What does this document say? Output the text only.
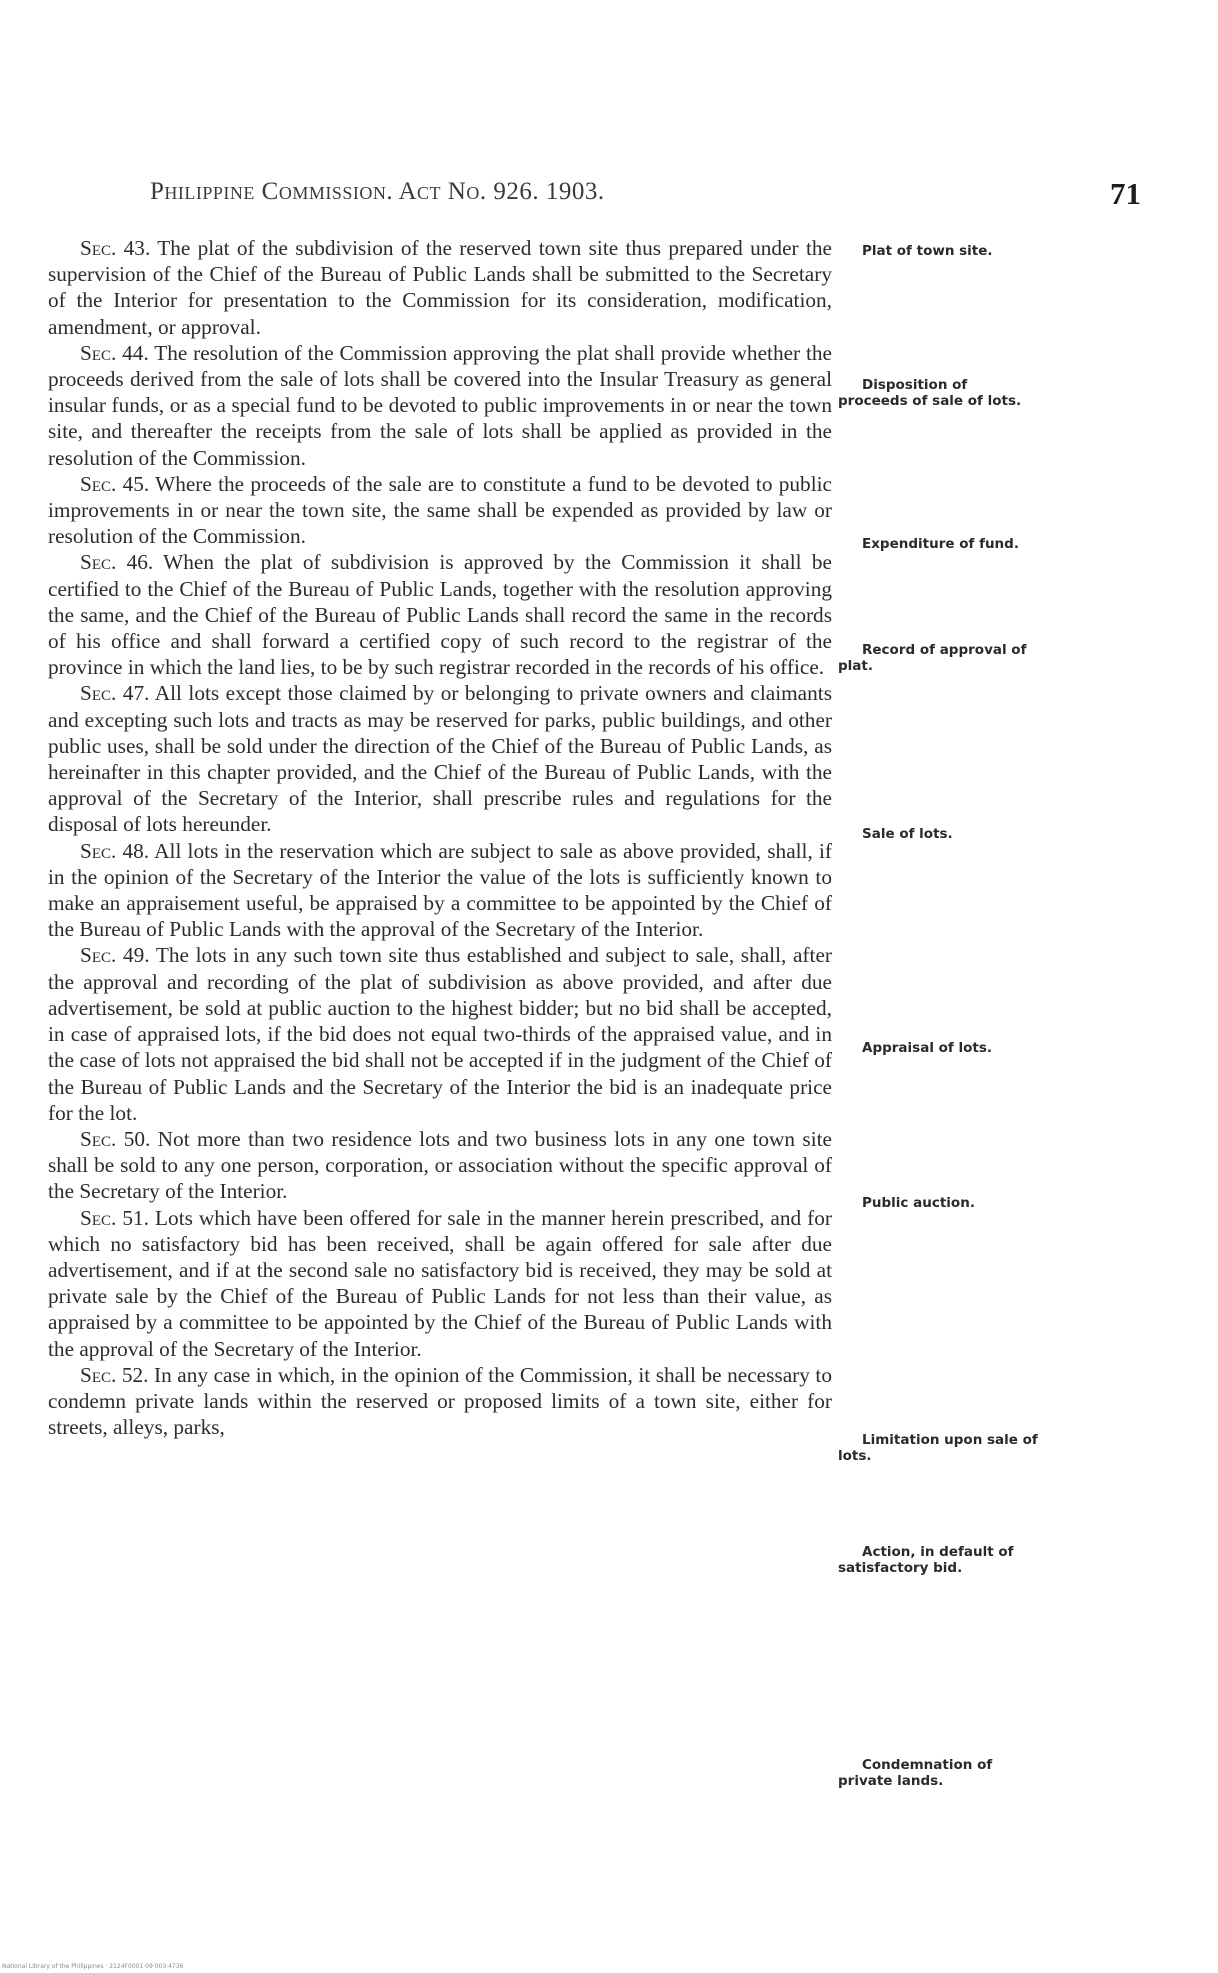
Philippine Commission. Act No. 926. 1903.	71

Sec. 43. The plat of the subdivision of the reserved town site thus prepared under the supervision of the Chief of the Bureau of Public Lands shall be submitted to the Secretary of the Interior for presentation to the Commission for its consideration, modification, amendment, or approval.

Sec. 44. The resolution of the Commission approving the plat shall provide whether the proceeds derived from the sale of lots shall be covered into the Insular Treasury as general insular funds, or as a special fund to be devoted to public improvements in or near the town site, and thereafter the receipts from the sale of lots shall be applied as provided in the resolution of the Commission.

Sec. 45. Where the proceeds of the sale are to constitute a fund to be devoted to public improvements in or near the town site, the same shall be expended as provided by law or resolution of the Commission.

Sec. 46. When the plat of subdivision is approved by the Commission it shall be certified to the Chief of the Bureau of Public Lands, together with the resolution approving the same, and the Chief of the Bureau of Public Lands shall record the same in the records of his office and shall forward a certified copy of such record to the registrar of the province in which the land lies, to be by such registrar recorded in the records of his office.

Sec. 47. All lots except those claimed by or belonging to private owners and claimants and excepting such lots and tracts as may be reserved for parks, public buildings, and other public uses, shall be sold under the direction of the Chief of the Bureau of Public Lands, as hereinafter in this chapter provided, and the Chief of the Bureau of Public Lands, with the approval of the Secretary of the Interior, shall prescribe rules and regulations for the disposal of lots hereunder.

Sec. 48. All lots in the reservation which are subject to sale as above provided, shall, if in the opinion of the Secretary of the Interior the value of the lots is sufficiently known to make an appraisement useful, be appraised by a committee to be appointed by the Chief of the Bureau of Public Lands with the approval of the Secretary of the Interior.

Sec. 49. The lots in any such town site thus established and subject to sale, shall, after the approval and recording of the plat of subdivision as above provided, and after due advertisement, be sold at public auction to the highest bidder; but no bid shall be accepted, in case of appraised lots, if the bid does not equal two-thirds of the appraised value, and in the case of lots not appraised the bid shall not be accepted if in the judgment of the Chief of the Bureau of Public Lands and the Secretary of the Interior the bid is an inadequate price for the lot.

Sec. 50. Not more than two residence lots and two business lots in any one town site shall be sold to any one person, corporation, or association without the specific approval of the Secretary of the Interior.

Sec. 51. Lots which have been offered for sale in the manner herein prescribed, and for which no satisfactory bid has been received, shall be again offered for sale after due advertisement, and if at the second sale no satisfactory bid is received, they may be sold at private sale by the Chief of the Bureau of Public Lands for not less than their value, as appraised by a committee to be appointed by the Chief of the Bureau of Public Lands with the approval of the Secretary of the Interior.

Sec. 52. In any case in which, in the opinion of the Commission, it shall be necessary to condemn private lands within the reserved or proposed limits of a town site, either for streets, alleys, parks,

Plat of town site.
Disposition of proceeds of sale of lots.
Expenditure of fund.
Record of approval of plat.
Sale of lots.
Appraisal of lots.
Public auction.
Limitation upon sale of lots.
Action, in default of satisfactory bid.
Condemnation of private lands.
National Library of the Philippines · 2124F0001·09·003·4736
